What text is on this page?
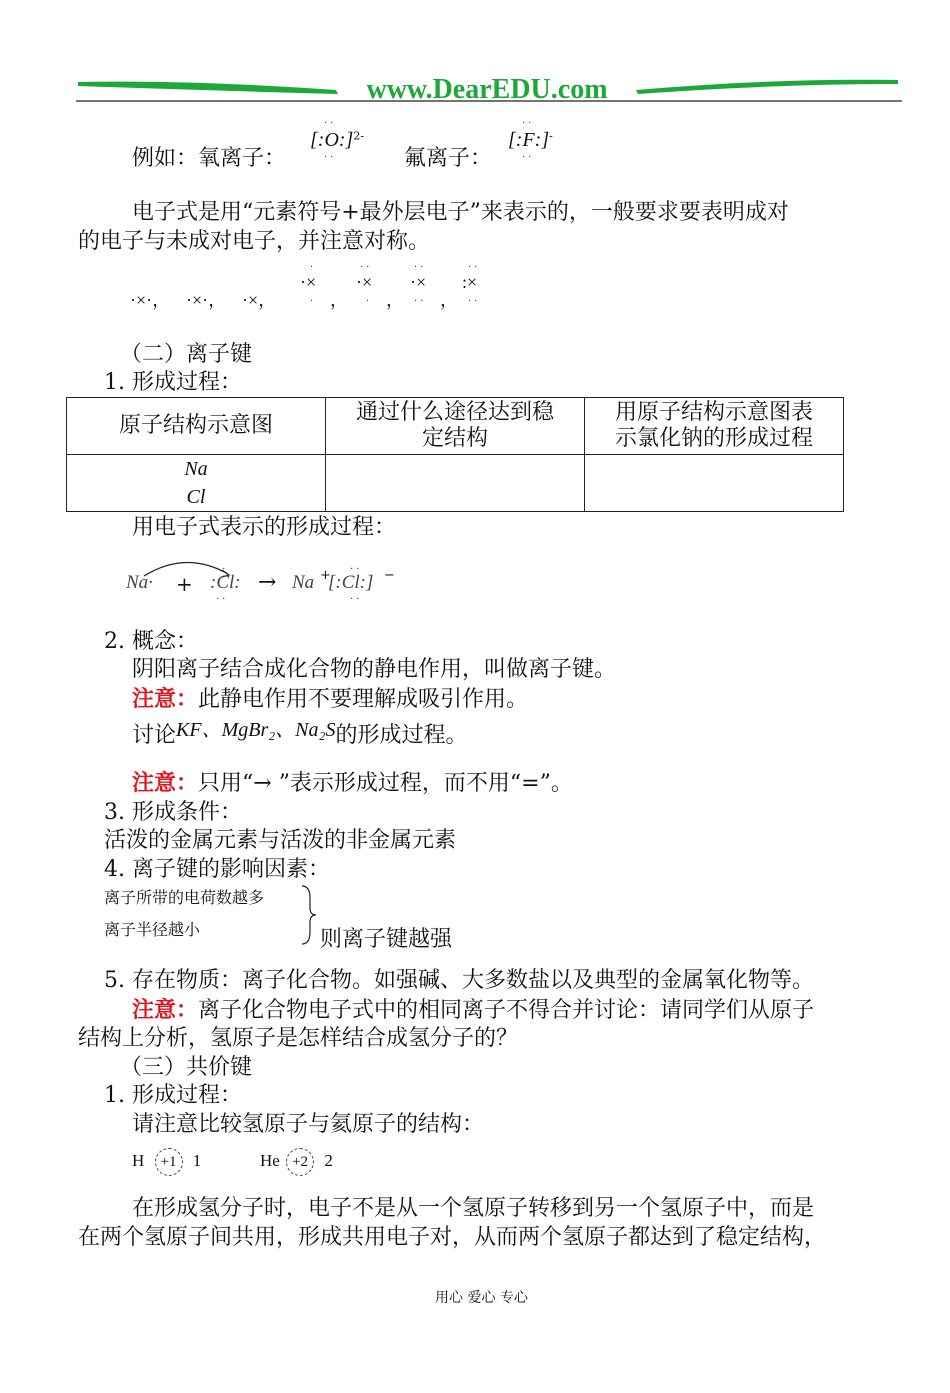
www.DearEDU.com
例如：氧离子：
··
[:O:]$^{2-}$
··	氟离子：
··
[:F:]-
··
电子式是用“元素符号+最外层电子”来表示的，一般要求要表明成对
的电子与未成对电子，并注意对称。
·×·， ·×·， ·×，
·×
，
·×
，
·×
，
:×
·	··	··	··
·	·	··	··
（二）离子键
1. 形成过程：
原子结构示意图	通过什么途径达到稳
定结构	用原子结构示意图表
示氯化钠的形成过程

Na
Cl		

用电子式表示的形成过程：
Na· +
··
:Cl:
··
→ Na + ··
[:Cl:]
··
−
2. 概念：
阴阳离子结合成化合物的静电作用，叫做离子键。
注意：此静电作用不要理解成吸引作用。
讨论KF、MgBr₂、Na₂S的形成过程。
注意：只用“→ ”表示形成过程，而不用“=”。
3. 形成条件：
活泼的金属元素与活泼的非金属元素
4. 离子键的影响因素：
离子所带的电荷数越多
离子半径越小	则离子键越强
5. 存在物质：离子化合物。如强碱、大多数盐以及典型的金属氧化物等。
注意：离子化合物电子式中的相同离子不得合并讨论：请同学们从原子
结构上分析，氢原子是怎样结合成氢分子的？
（三）共价键
1. 形成过程：
请注意比较氢原子与氦原子的结构：
H +1 1	He +2 2
在形成氢分子时，电子不是从一个氢原子转移到另一个氢原子中，而是
在两个氢原子间共用，形成共用电子对，从而两个氢原子都达到了稳定结构，
用心 爱心 专心
